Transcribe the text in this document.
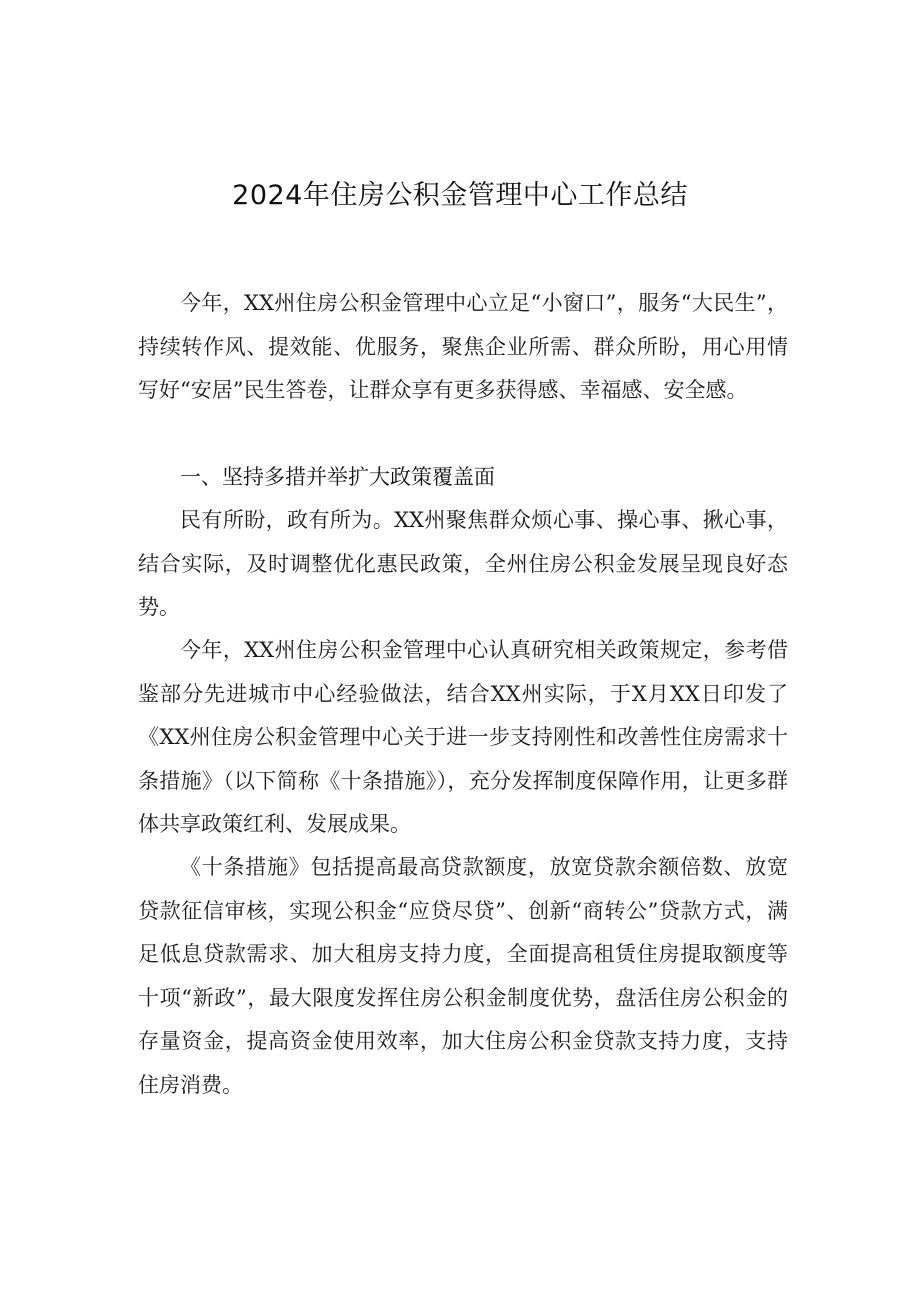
2024年住房公积金管理中心工作总结

今年，XX州住房公积金管理中心立足“小窗口”，服务“大民生”，持续转作风、提效能、优服务，聚焦企业所需、群众所盼，用心用情写好“安居”民生答卷，让群众享有更多获得感、幸福感、安全感。

一、坚持多措并举扩大政策覆盖面

民有所盼，政有所为。XX州聚焦群众烦心事、操心事、揪心事，结合实际，及时调整优化惠民政策，全州住房公积金发展呈现良好态势。

今年，XX州住房公积金管理中心认真研究相关政策规定，参考借鉴部分先进城市中心经验做法，结合XX州实际，于X月XX日印发了《XX州住房公积金管理中心关于进一步支持刚性和改善性住房需求十条措施》（以下简称《十条措施》），充分发挥制度保障作用，让更多群体共享政策红利、发展成果。

《十条措施》包括提高最高贷款额度，放宽贷款余额倍数、放宽贷款征信审核，实现公积金“应贷尽贷”、创新“商转公”贷款方式，满足低息贷款需求、加大租房支持力度，全面提高租赁住房提取额度等十项“新政”，最大限度发挥住房公积金制度优势，盘活住房公积金的存量资金，提高资金使用效率，加大住房公积金贷款支持力度，支持住房消费。
